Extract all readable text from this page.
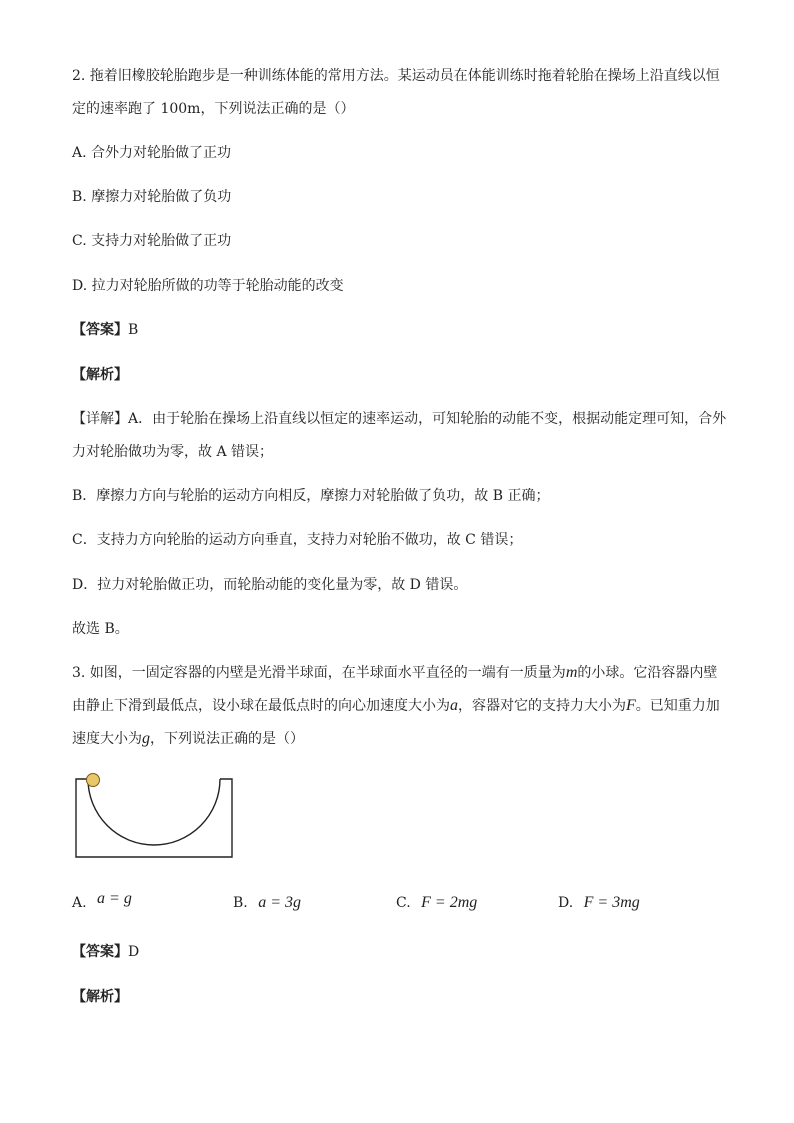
2. 拖着旧橡胶轮胎跑步是一种训练体能的常用方法。某运动员在体能训练时拖着轮胎在操场上沿直线以恒
定的速率跑了 100m，下列说法正确的是（）
A. 合外力对轮胎做了正功
B. 摩擦力对轮胎做了负功
C. 支持力对轮胎做了正功
D. 拉力对轮胎所做的功等于轮胎动能的改变
【答案】B
【解析】
【详解】A．由于轮胎在操场上沿直线以恒定的速率运动，可知轮胎的动能不变，根据动能定理可知，合外
力对轮胎做功为零，故 A 错误；
B．摩擦力方向与轮胎的运动方向相反，摩擦力对轮胎做了负功，故 B 正确；
C．支持力方向轮胎的运动方向垂直，支持力对轮胎不做功，故 C 错误；
D．拉力对轮胎做正功，而轮胎动能的变化量为零，故 D 错误。
故选 B。
3. 如图，一固定容器的内壁是光滑半球面，在半球面水平直径的一端有一质量为m的小球。它沿容器内壁
由静止下滑到最低点，设小球在最低点时的向心加速度大小为a，容器对它的支持力大小为F。已知重力加
速度大小为g，下列说法正确的是（）
A. a = g	B. a = 3g	C. F = 2mg	D. F = 3mg
【答案】D
【解析】
